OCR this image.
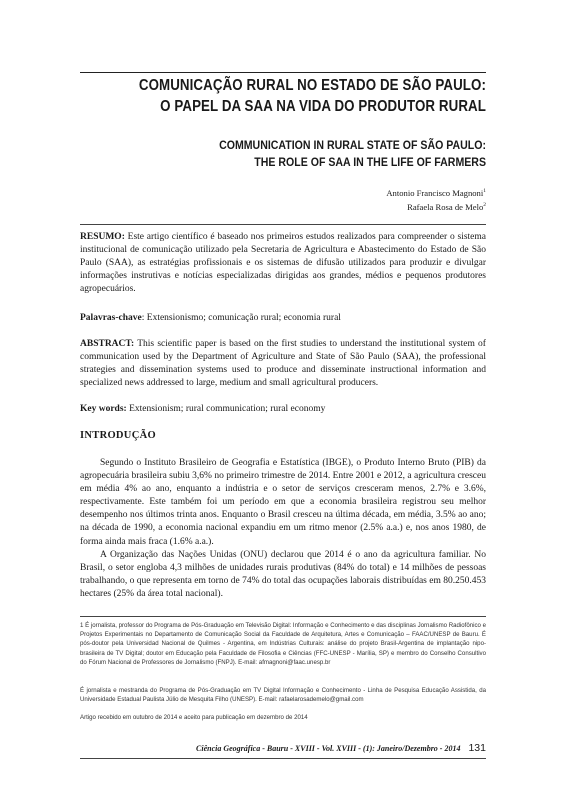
COMUNICAÇÃO RURAL NO ESTADO DE SÃO PAULO:
O PAPEL DA SAA NA VIDA DO PRODUTOR RURAL
COMMUNICATION IN RURAL STATE OF SÃO PAULO:
THE ROLE OF SAA IN THE LIFE OF FARMERS
Antonio Francisco Magnoni$^1$
Rafaela Rosa de Melo$^2$
RESUMO: Este artigo científico é baseado nos primeiros estudos realizados para compreender o sistema institucional de comunicação utilizado pela Secretaria de Agricultura e Abastecimento do Estado de São Paulo (SAA), as estratégias profissionais e os sistemas de difusão utilizados para produzir e divulgar informações instrutivas e notícias especializadas dirigidas aos grandes, médios e pequenos produtores agropecuários.
Palavras-chave: Extensionismo; comunicação rural; economia rural
ABSTRACT: This scientific paper is based on the first studies to understand the institutional system of communication used by the Department of Agriculture and State of São Paulo (SAA), the professional strategies and dissemination systems used to produce and disseminate instructional information and specialized news addressed to large, medium and small agricultural producers.
Key words: Extensionism; rural communication; rural economy
INTRODUÇÃO
Segundo o Instituto Brasileiro de Geografia e Estatística (IBGE), o Produto Interno Bruto (PIB) da agropecuária brasileira subiu 3,6% no primeiro trimestre de 2014. Entre 2001 e 2012, a agricultura cresceu em média 4% ao ano, enquanto a indústria e o setor de serviços cresceram menos, 2.7% e 3.6%, respectivamente. Este também foi um período em que a economia brasileira registrou seu melhor desempenho nos últimos trinta anos. Enquanto o Brasil cresceu na última década, em média, 3.5% ao ano; na década de 1990, a economia nacional expandiu em um ritmo menor (2.5% a.a.) e, nos anos 1980, de forma ainda mais fraca (1.6% a.a.).
A Organização das Nações Unidas (ONU) declarou que 2014 é o ano da agricultura familiar. No Brasil, o setor engloba 4,3 milhões de unidades rurais produtivas (84% do total) e 14 milhões de pessoas trabalhando, o que representa em torno de 74% do total das ocupações laborais distribuídas em 80.250.453 hectares (25% da área total nacional).
1 É jornalista, professor do Programa de Pós-Graduação em Televisão Digital: Informação e Conhecimento e das disciplinas Jornalismo Radiofônico e Projetos Experimentais no Departamento de Comunicação Social da Faculdade de Arquitetura, Artes e Comunicação – FAAC/UNESP de Bauru. É pós-doutor pela Universidad Nacional de Quilmes - Argentina, em Indústrias Culturais: análise do projeto Brasil-Argentina de implantação nipo-brasileira de TV Digital; doutor em Educação pela Faculdade de Filosofia e Ciências (FFC-UNESP - Marília, SP) e membro do Conselho Consultivo do Fórum Nacional de Professores de Jornalismo (FNPJ). E-mail: afmagnoni@faac.unesp.br
É jornalista e mestranda do Programa de Pós-Graduação em TV Digital Informação e Conhecimento - Linha de Pesquisa Educação Assistida, da Universidade Estadual Paulista Júlio de Mesquita Filho (UNESP). E-mail: rafaelarosademelo@gmail.com
Artigo recebido em outubro de 2014 e aceito para publicação em dezembro de 2014
Ciência Geográfica - Bauru - XVIII - Vol. XVIII - (1): Janeiro/Dezembro - 2014 131
